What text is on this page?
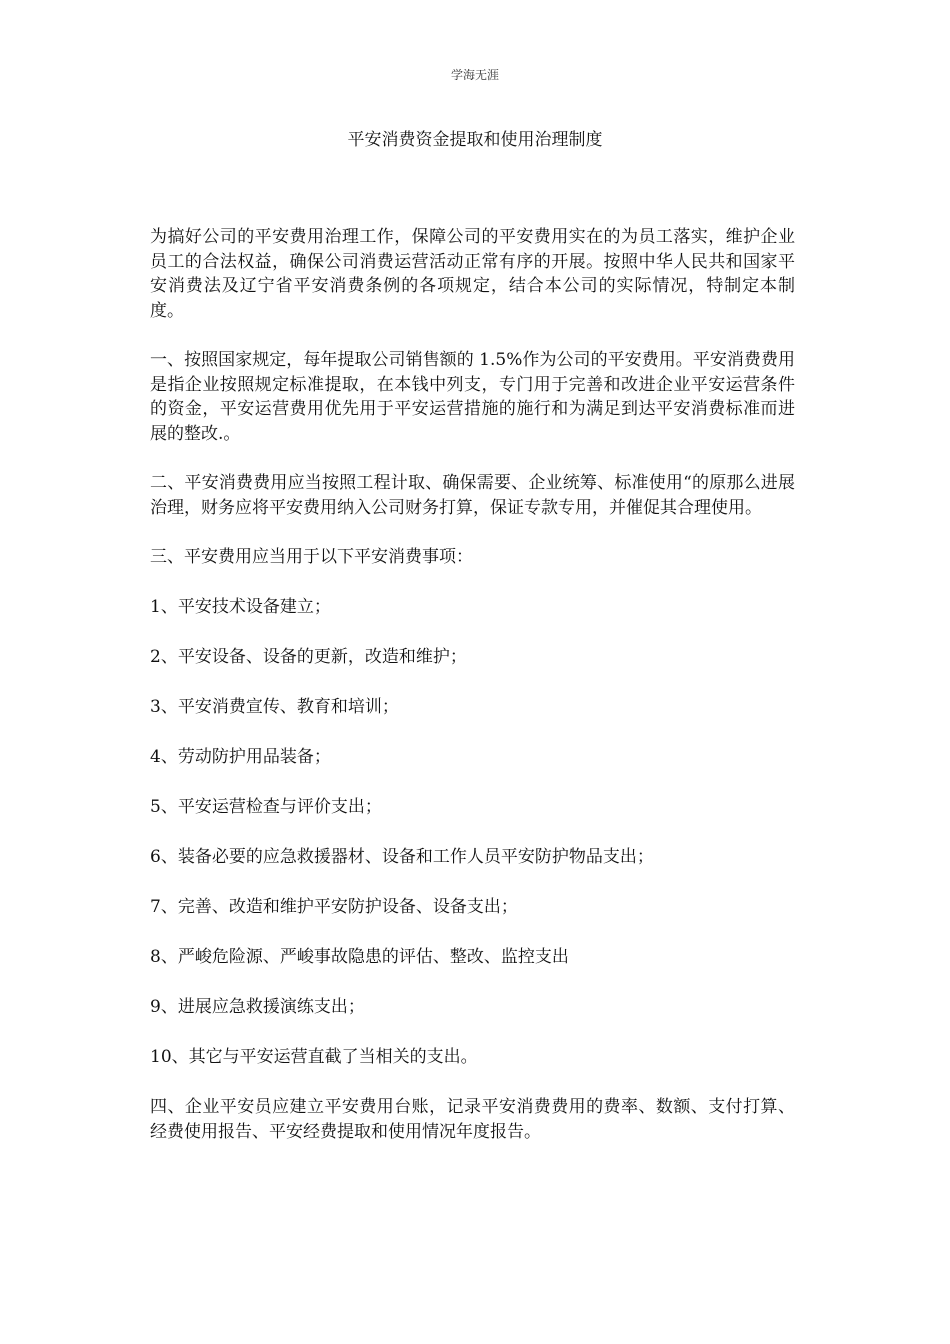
学海无涯
平安消费资金提取和使用治理制度

为搞好公司的平安费用治理工作，保障公司的平安费用实在的为员工落实，维护企业员工的合法权益，确保公司消费运营活动正常有序的开展。按照中华人民共和国家平安消费法及辽宁省平安消费条例的各项规定，结合本公司的实际情况，特制定本制度。

一、按照国家规定，每年提取公司销售额的 1.5%作为公司的平安费用。平安消费费用是指企业按照规定标准提取，在本钱中列支，专门用于完善和改进企业平安运营条件的资金，平安运营费用优先用于平安运营措施的施行和为满足到达平安消费标准而进展的整改.。

二、平安消费费用应当按照工程计取、确保需要、企业统筹、标准使用“的原那么进展治理，财务应将平安费用纳入公司财务打算，保证专款专用，并催促其合理使用。

三、平安费用应当用于以下平安消费事项：

1、平安技术设备建立；

2、平安设备、设备的更新，改造和维护；

3、平安消费宣传、教育和培训；

4、劳动防护用品装备；

5、平安运营检查与评价支出；

6、装备必要的应急救援器材、设备和工作人员平安防护物品支出；

7、完善、改造和维护平安防护设备、设备支出；

8、严峻危险源、严峻事故隐患的评估、整改、监控支出

9、进展应急救援演练支出；

10、其它与平安运营直截了当相关的支出。

四、企业平安员应建立平安费用台账，记录平安消费费用的费率、数额、支付打算、经费使用报告、平安经费提取和使用情况年度报告。
